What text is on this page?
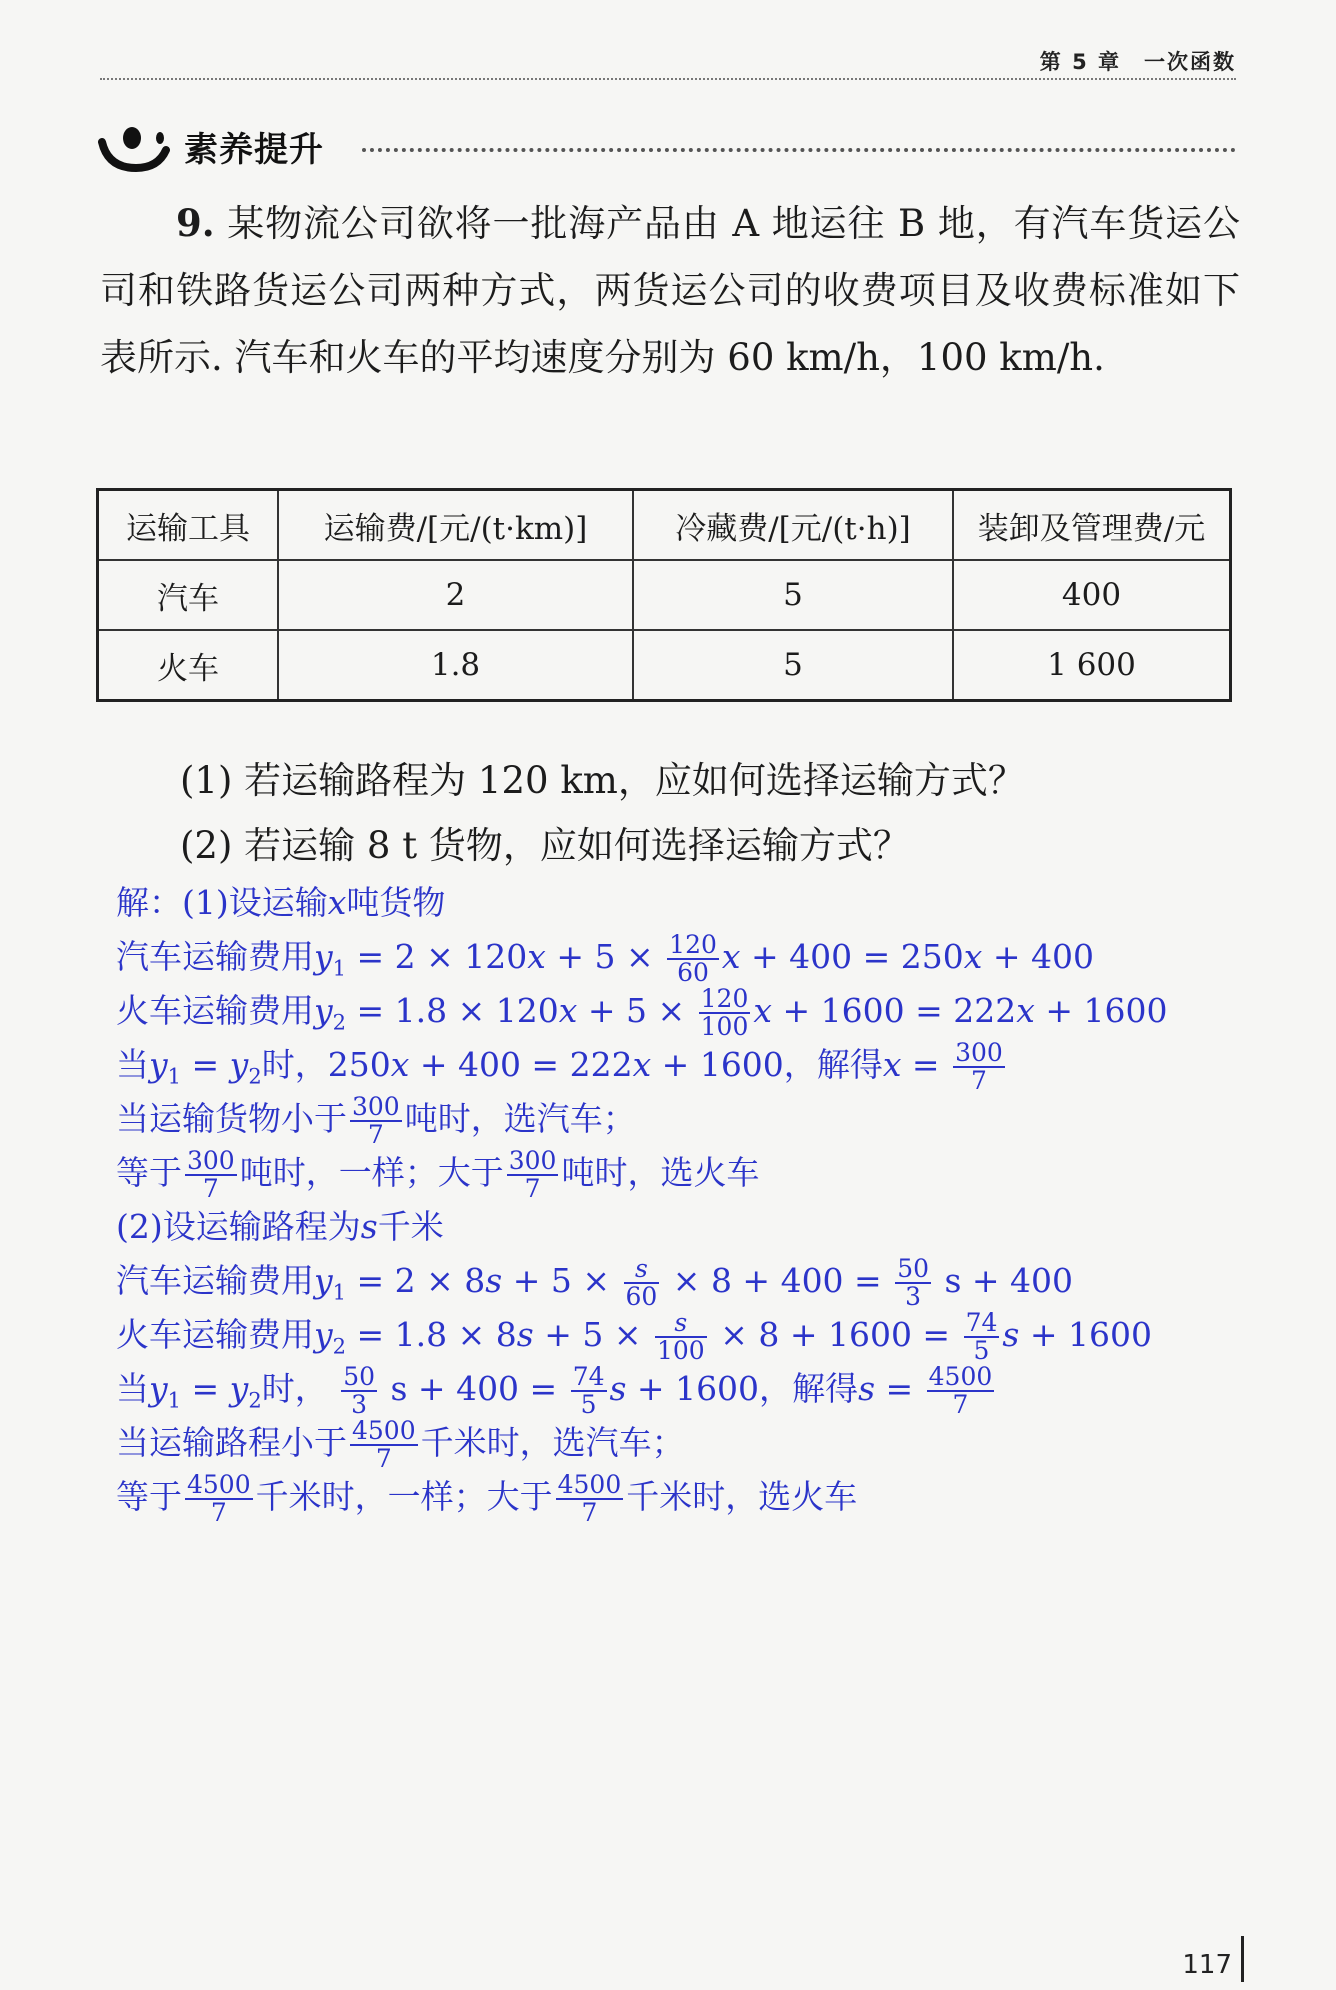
第 5 章　一次函数
素养提升
9. 某物流公司欲将一批海产品由 A 地运往 B 地，有汽车货运公司和铁路货运公司两种方式，两货运公司的收费项目及收费标准如下表所示. 汽车和火车的平均速度分别为 60 km/h，100 km/h.
运输工具	运输费/[元/(t·km)]	冷藏费/[元/(t·h)]	装卸及管理费/元
汽车	2	5	400
火车	1.8	5	1 600
(1) 若运输路程为 120 km，应如何选择运输方式？
(2) 若运输 8 t 货物，应如何选择运输方式？
解：(1)设运输x吨货物
汽车运输费用$y_1 = 2 \times 120x + 5 \times \frac{120}{60}$ x + 400 = 250x + 400
火车运输费用$y_2 = 1.8 \times 120x + 5 \times \frac{120}{100}$ x + 1600 = 222x + 1600
当$y_1 = y_2$时，250x + 400 = 222x + 1600，解得$x = \frac{300}{7}$
当运输货物小于 $\frac{300}{7}$ 吨时，选汽车；
等于 $\frac{300}{7}$ 吨时，一样；大于 $\frac{300}{7}$ 吨时，选火车
(2)设运输路程为s千米
汽车运输费用$y_1 = 2 \times 8s + 5 \times \frac{s}{60} \times 8 + 400 = \frac{50}{3}$ s + 400
火车运输费用$y_2 = 1.8 \times 8s + 5 \times \frac{s}{100} \times 8 + 1600 = \frac{74}{5}$ s + 1600
当$y_1 = y_2$时， $\frac{50}{3}$ $s + 400 = \frac{74}{5}$ s + 1600，解得$s = \frac{4500}{7}$
当运输路程小于 $\frac{4500}{7}$ 千米时，选汽车；
等于 $\frac{4500}{7}$ 千米时，一样；大于 $\frac{4500}{7}$ 千米时，选火车
117
